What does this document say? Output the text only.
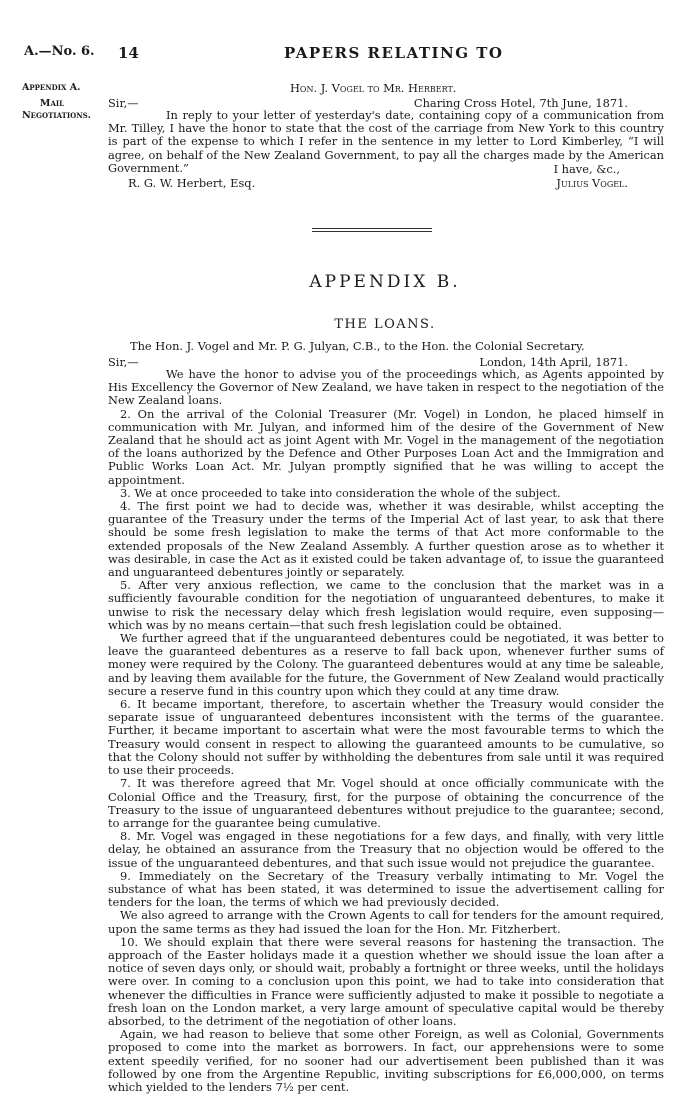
A.—No. 6. 14	PAPERS RELATING TO
Appendix A.
Mail Negotiations.
Hon. J. Vogel to Mr. Herbert.
Sir,—	Charing Cross Hotel, 7th June, 1871.

In reply to your letter of yesterday's date, containing copy of a communication from Mr. Tilley, I have the honor to state that the cost of the carriage from New York to this country is part of the expense to which I refer in the sentence in my letter to Lord Kimberley, “I will agree, on behalf of the New Zealand Government, to pay all the charges made by the American Government.”	I have, &c.,
R. G. W. Herbert, Esq.	Julius Vogel.
APPENDIX B.
THE LOANS.
The Hon. J. Vogel and Mr. P. G. Julyan, C.B., to the Hon. the Colonial Secretary.
Sir,—	London, 14th April, 1871.

We have the honor to advise you of the proceedings which, as Agents appointed by His Excellency the Governor of New Zealand, we have taken in respect to the negotiation of the New Zealand loans.

2. On the arrival of the Colonial Treasurer (Mr. Vogel) in London, he placed himself in communication with Mr. Julyan, and informed him of the desire of the Government of New Zealand that he should act as joint Agent with Mr. Vogel in the management of the negotiation of the loans authorized by the Defence and Other Purposes Loan Act and the Immigration and Public Works Loan Act. Mr. Julyan promptly signified that he was willing to accept the appointment.

3. We at once proceeded to take into consideration the whole of the subject.

4. The first point we had to decide was, whether it was desirable, whilst accepting the guarantee of the Treasury under the terms of the Imperial Act of last year, to ask that there should be some fresh legislation to make the terms of that Act more conformable to the extended proposals of the New Zealand Assembly. A further question arose as to whether it was desirable, in case the Act as it existed could be taken advantage of, to issue the guaranteed and unguaranteed debentures jointly or separately.

5. After very anxious reflection, we came to the conclusion that the market was in a sufficiently favourable condition for the negotiation of unguaranteed debentures, to make it unwise to risk the necessary delay which fresh legislation would require, even supposing—which was by no means certain—that such fresh legislation could be obtained.

We further agreed that if the unguaranteed debentures could be negotiated, it was better to leave the guaranteed debentures as a reserve to fall back upon, whenever further sums of money were required by the Colony. The guaranteed debentures would at any time be saleable, and by leaving them available for the future, the Government of New Zealand would practically secure a reserve fund in this country upon which they could at any time draw.

6. It became important, therefore, to ascertain whether the Treasury would consider the separate issue of unguaranteed debentures inconsistent with the terms of the guarantee. Further, it became important to ascertain what were the most favourable terms to which the Treasury would consent in respect to allowing the guaranteed amounts to be cumulative, so that the Colony should not suffer by withholding the debentures from sale until it was required to use their proceeds.

7. It was therefore agreed that Mr. Vogel should at once officially communicate with the Colonial Office and the Treasury, first, for the purpose of obtaining the concurrence of the Treasury to the issue of unguaranteed debentures without prejudice to the guarantee; second, to arrange for the guarantee being cumulative.

8. Mr. Vogel was engaged in these negotiations for a few days, and finally, with very little delay, he obtained an assurance from the Treasury that no objection would be offered to the issue of the unguaranteed debentures, and that such issue would not prejudice the guarantee.

9. Immediately on the Secretary of the Treasury verbally intimating to Mr. Vogel the substance of what has been stated, it was determined to issue the advertisement calling for tenders for the loan, the terms of which we had previously decided.

We also agreed to arrange with the Crown Agents to call for tenders for the amount required, upon the same terms as they had issued the loan for the Hon. Mr. Fitzherbert.

10. We should explain that there were several reasons for hastening the transaction. The approach of the Easter holidays made it a question whether we should issue the loan after a notice of seven days only, or should wait, probably a fortnight or three weeks, until the holidays were over. In coming to a conclusion upon this point, we had to take into consideration that whenever the difficulties in France were sufficiently adjusted to make it possible to negotiate a fresh loan on the London market, a very large amount of speculative capital would be thereby absorbed, to the detriment of the negotiation of other loans.

Again, we had reason to believe that some other Foreign, as well as Colonial, Governments proposed to come into the market as borrowers. In fact, our apprehensions were to some extent speedily verified, for no sooner had our advertisement been published than it was followed by one from the Argentine Republic, inviting subscriptions for £6,000,000, on terms which yielded to the lenders 7½ per cent.
